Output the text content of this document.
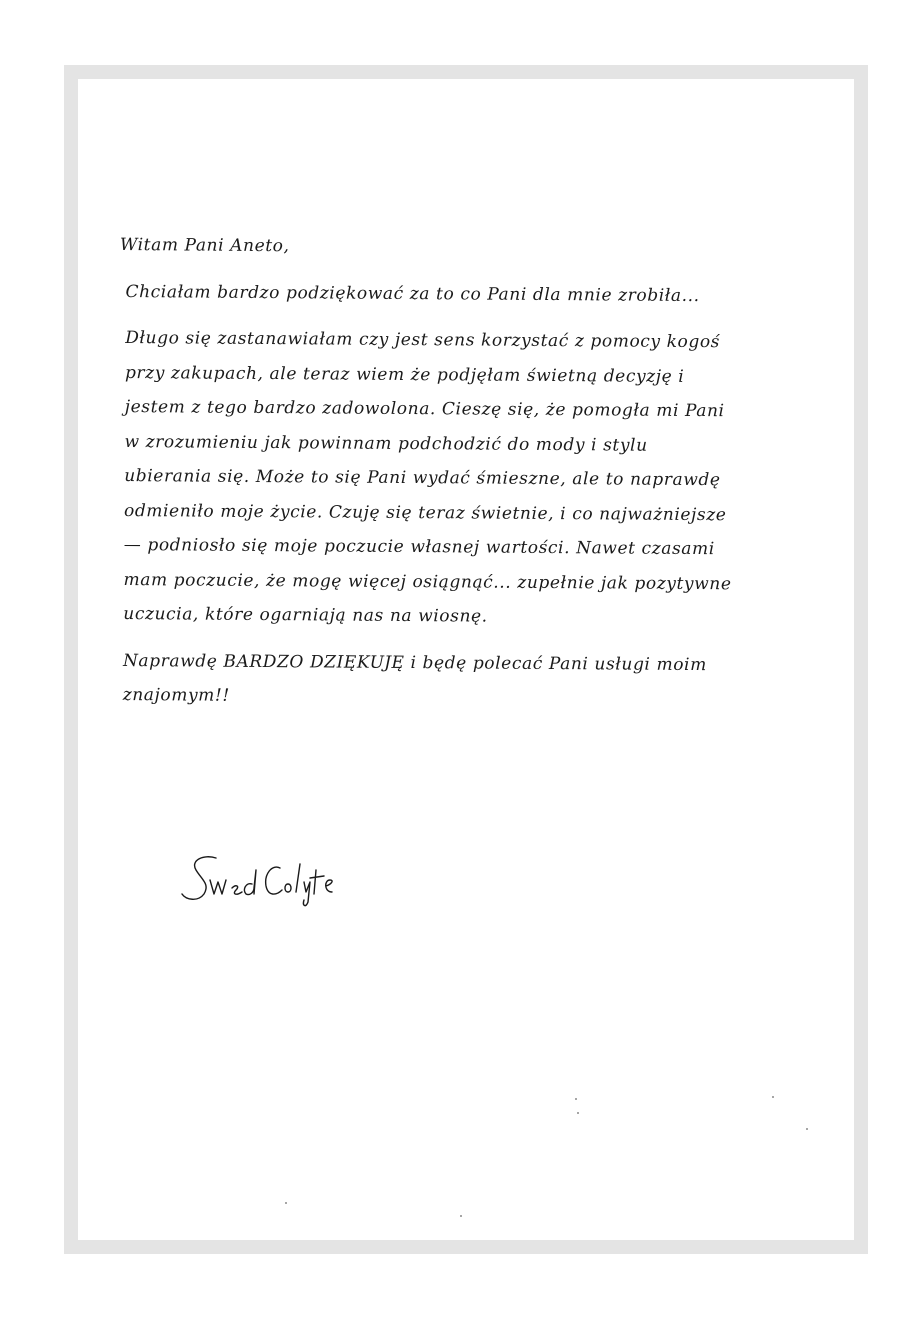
Witam Pani Aneto,

Chciałam bardzo podziękować za to co Pani dla mnie zrobiła...

Długo się zastanawiałam czy jest sens korzystać z pomocy kogoś przy zakupach, ale teraz wiem że podjęłam świetną decyzję i jestem z tego bardzo zadowolona. Cieszę się, że pomogła mi Pani w zrozumieniu jak powinnam podchodzić do mody i stylu ubierania się. Może to się Pani wydać śmieszne, ale to naprawdę odmieniło moje życie. Czuję się teraz świetnie, i co najważniejsze — podniosło się moje poczucie własnej wartości. Nawet czasami mam poczucie, że mogę więcej osiągnąć... zupełnie jak pozytywne uczucia, które ogarniają nas na wiosnę.

Naprawdę BARDZO DZIĘKUJĘ i będę polecać Pani usługi moim znajomym!!
